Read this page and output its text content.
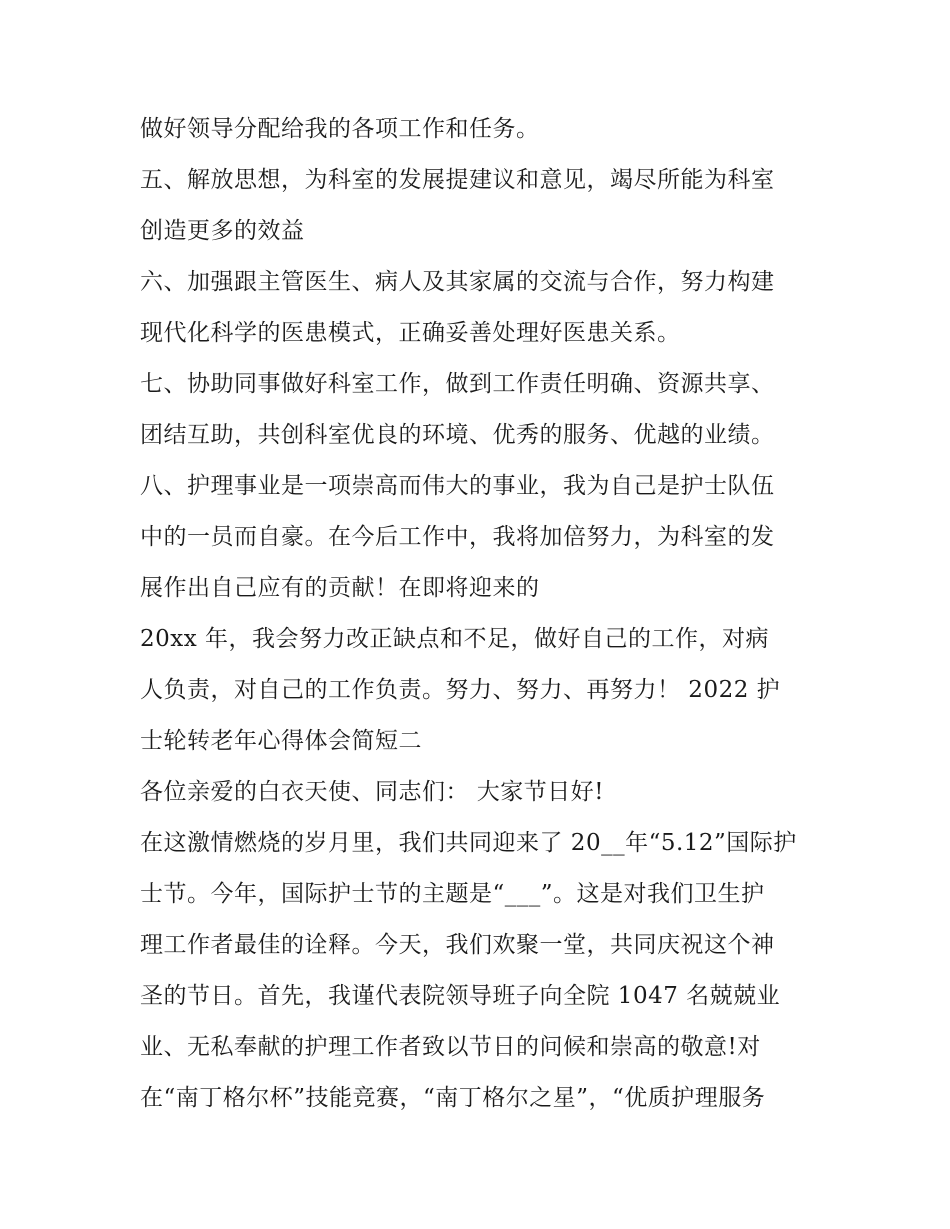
做好领导分配给我的各项工作和任务。
五、解放思想，为科室的发展提建议和意见，竭尽所能为科室
创造更多的效益
六、加强跟主管医生、病人及其家属的交流与合作，努力构建
现代化科学的医患模式，正确妥善处理好医患关系。
七、协助同事做好科室工作，做到工作责任明确、资源共享、
团结互助，共创科室优良的环境、优秀的服务、优越的业绩。
八、护理事业是一项崇高而伟大的事业，我为自己是护士队伍
中的一员而自豪。在今后工作中，我将加倍努力，为科室的发
展作出自己应有的贡献！在即将迎来的
20xx 年，我会努力改正缺点和不足，做好自己的工作，对病
人负责，对自己的工作负责。努力、努力、再努力！ 2022 护
士轮转老年心得体会简短二
各位亲爱的白衣天使、同志们： 大家节日好!
在这激情燃烧的岁月里，我们共同迎来了 20__年“5.12”国际护
士节。今年，国际护士节的主题是“___”。这是对我们卫生护
理工作者最佳的诠释。今天，我们欢聚一堂，共同庆祝这个神
圣的节日。首先，我谨代表院领导班子向全院 1047 名兢兢业
业、无私奉献的护理工作者致以节日的问候和崇高的敬意!对
在“南丁格尔杯”技能竞赛，“南丁格尔之星”，“优质护理服务
